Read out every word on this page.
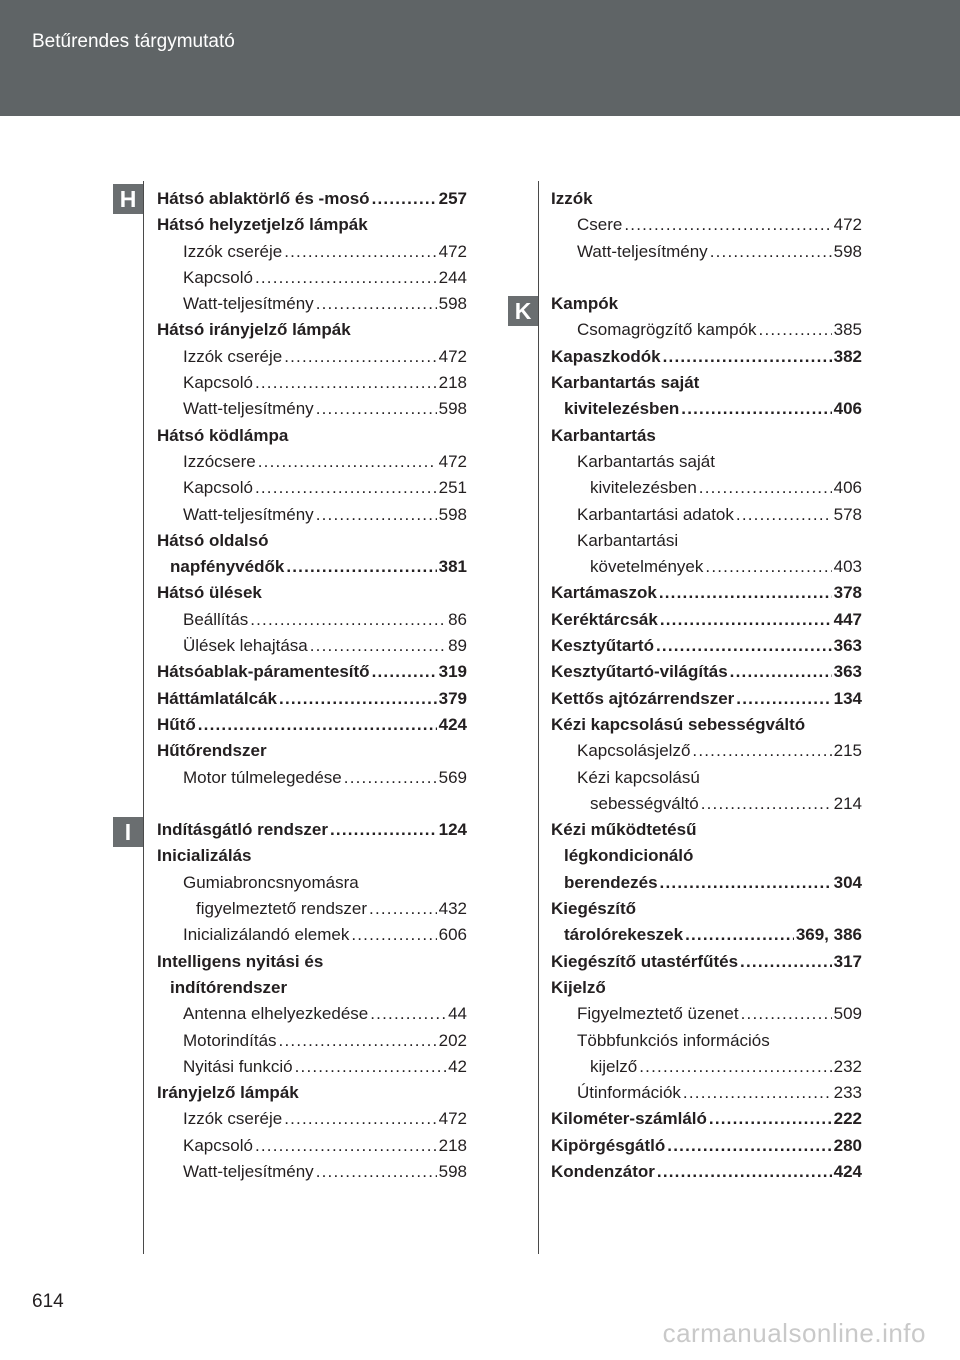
Betűrendes tárgymutató
H
I
K
Hátsó ablaktörlő és -mosó .....	257
Hátsó helyzetjelző lámpák
Izzók cseréje .....	472
Kapcsoló .....	244
Watt-teljesítmény .....	598
Hátsó irányjelző lámpák
Izzók cseréje .....	472
Kapcsoló .....	218
Watt-teljesítmény .....	598
Hátsó ködlámpa
Izzócsere .....	472
Kapcsoló .....	251
Watt-teljesítmény .....	598
Hátsó oldalsó
napfényvédők .....	381
Hátsó ülések
Beállítás .....	86
Ülések lehajtása .....	89
Hátsóablak-páramentesítő .....	319
Háttámlatálcák .....	379
Hűtő .....	424
Hűtőrendszer
Motor túlmelegedése .....	569
Indításgátló rendszer .....	124
Inicializálás
Gumiabroncsnyomásra
figyelmeztető rendszer .....	432
Inicializálandó elemek .....	606
Intelligens nyitási és
indítórendszer
Antenna elhelyezkedése .....	44
Motorindítás .....	202
Nyitási funkció .....	42
Irányjelző lámpák
Izzók cseréje .....	472
Kapcsoló .....	218
Watt-teljesítmény .....	598
Izzók
Csere .....	472
Watt-teljesítmény .....	598
Kampók
Csomagrögzítő kampók .....	385
Kapaszkodók .....	382
Karbantartás saját
kivitelezésben .....	406
Karbantartás
Karbantartás saját
kivitelezésben .....	406
Karbantartási adatok .....	578
Karbantartási
követelmények .....	403
Kartámaszok .....	378
Keréktárcsák .....	447
Kesztyűtartó .....	363
Kesztyűtartó-világítás .....	363
Kettős ajtózárrendszer .....	134
Kézi kapcsolású sebességváltó
Kapcsolásjelző .....	215
Kézi kapcsolású
sebességváltó .....	214
Kézi működtetésű
légkondicionáló
berendezés .....	304
Kiegészítő
tárolórekeszek .....	369, 386
Kiegészítő utastérfűtés .....	317
Kijelző
Figyelmeztető üzenet .....	509
Többfunkciós információs
kijelző .....	232
Útinformációk .....	233
Kilométer-számláló .....	222
Kipörgésgátló .....	280
Kondenzátor .....	424
614
carmanualsonline.info
